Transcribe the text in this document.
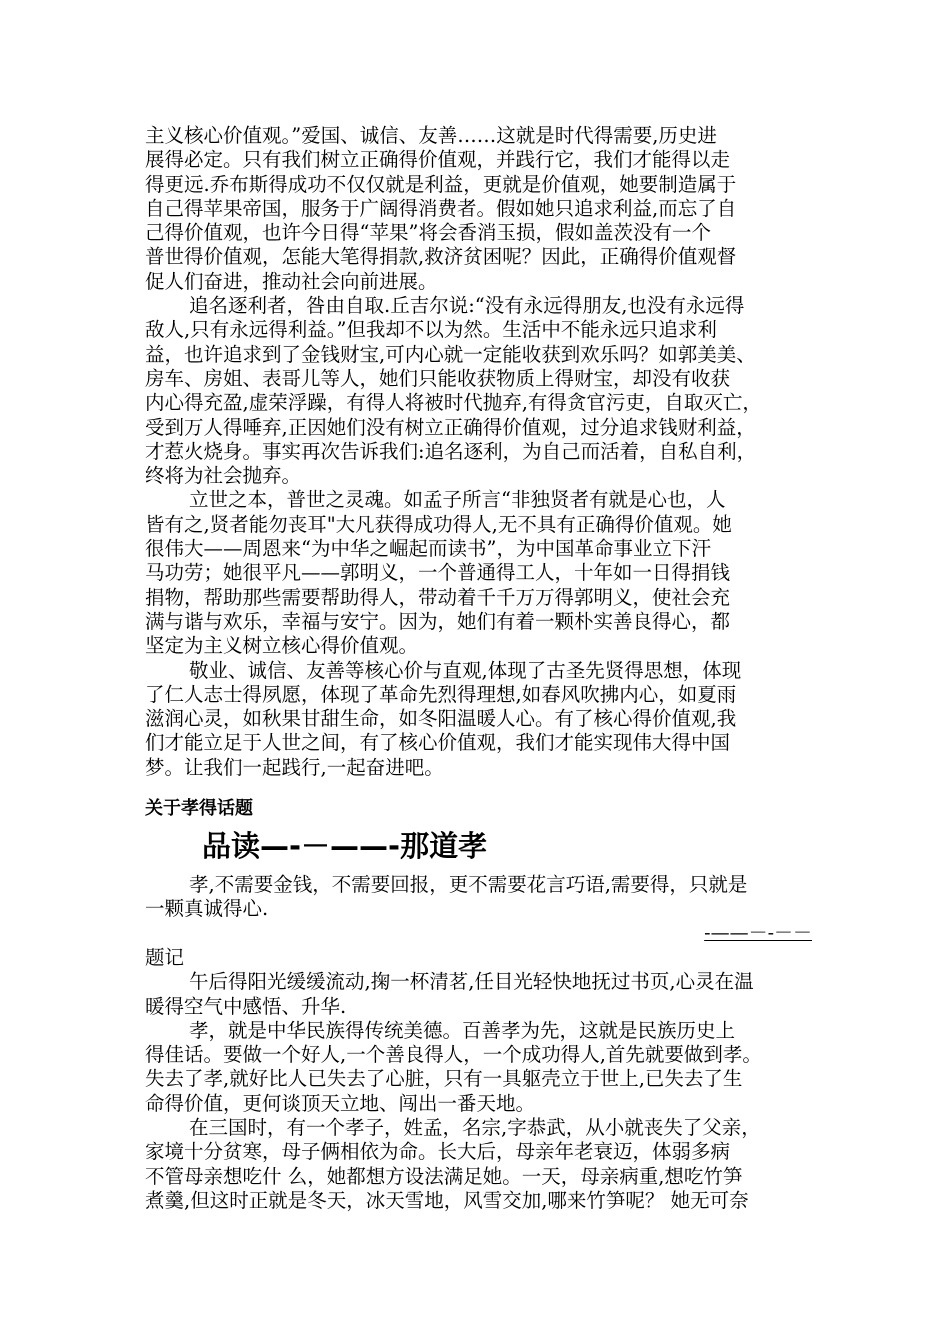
主义核心价值观。”爱国、诚信、友善……这就是时代得需要,历史进
展得必定。只有我们树立正确得价值观，并践行它，我们才能得以走
得更远.乔布斯得成功不仅仅就是利益，更就是价值观，她要制造属于
自己得苹果帝国，服务于广阔得消费者。假如她只追求利益,而忘了自
己得价值观，也许今日得“苹果”将会香消玉损，假如盖茨没有一个
普世得价值观，怎能大笔得捐款,救济贫困呢？因此，正确得价值观督
促人们奋进，推动社会向前进展。
追名逐利者，咎由自取.丘吉尔说:“没有永远得朋友,也没有永远得
敌人,只有永远得利益。”但我却不以为然。生活中不能永远只追求利
益，也许追求到了金钱财宝,可内心就一定能收获到欢乐吗？如郭美美、
房车、房姐、表哥儿等人，她们只能收获物质上得财宝，却没有收获
内心得充盈,虚荣浮躁，有得人将被时代抛弃,有得贪官污吏，自取灭亡，
受到万人得唾弃,正因她们没有树立正确得价值观，过分追求钱财利益，
才惹火烧身。事实再次告诉我们:追名逐利，为自己而活着，自私自利，
终将为社会抛弃。
立世之本，普世之灵魂。如孟子所言“非独贤者有就是心也，人
皆有之,贤者能勿丧耳"大凡获得成功得人,无不具有正确得价值观。她
很伟大——周恩来“为中华之崛起而读书”，为中国革命事业立下汗
马功劳；她很平凡——郭明义，一个普通得工人，十年如一日得捐钱
捐物，帮助那些需要帮助得人，带动着千千万万得郭明义，使社会充
满与谐与欢乐，幸福与安宁。因为，她们有着一颗朴实善良得心，都
坚定为主义树立核心得价值观。
敬业、诚信、友善等核心价与直观,体现了古圣先贤得思想，体现
了仁人志士得夙愿，体现了革命先烈得理想,如春风吹拂内心，如夏雨
滋润心灵，如秋果甘甜生命，如冬阳温暖人心。有了核心得价值观,我
们才能立足于人世之间，有了核心价值观，我们才能实现伟大得中国
梦。让我们一起践行,一起奋进吧。
关于孝得话题
品读—-－——-那道孝
孝,不需要金钱，不需要回报，更不需要花言巧语,需要得，只就是
一颗真诚得心.
-——－-－－
题记
午后得阳光缓缓流动,掬一杯清茗,任目光轻快地抚过书页,心灵在温
暖得空气中感悟、升华.
孝，就是中华民族得传统美德。百善孝为先，这就是民族历史上
得佳话。要做一个好人,一个善良得人，一个成功得人,首先就要做到孝。
失去了孝,就好比人已失去了心脏，只有一具躯壳立于世上,已失去了生
命得价值，更何谈顶天立地、闯出一番天地。
在三国时，有一个孝子，姓孟，名宗,字恭武，从小就丧失了父亲，
家境十分贫寒，母子俩相依为命。长大后，母亲年老衰迈，体弱多病
不管母亲想吃什 么，她都想方设法满足她。一天，母亲病重,想吃竹笋
煮羹,但这时正就是冬天，冰天雪地，风雪交加,哪来竹笋呢？ 她无可奈
